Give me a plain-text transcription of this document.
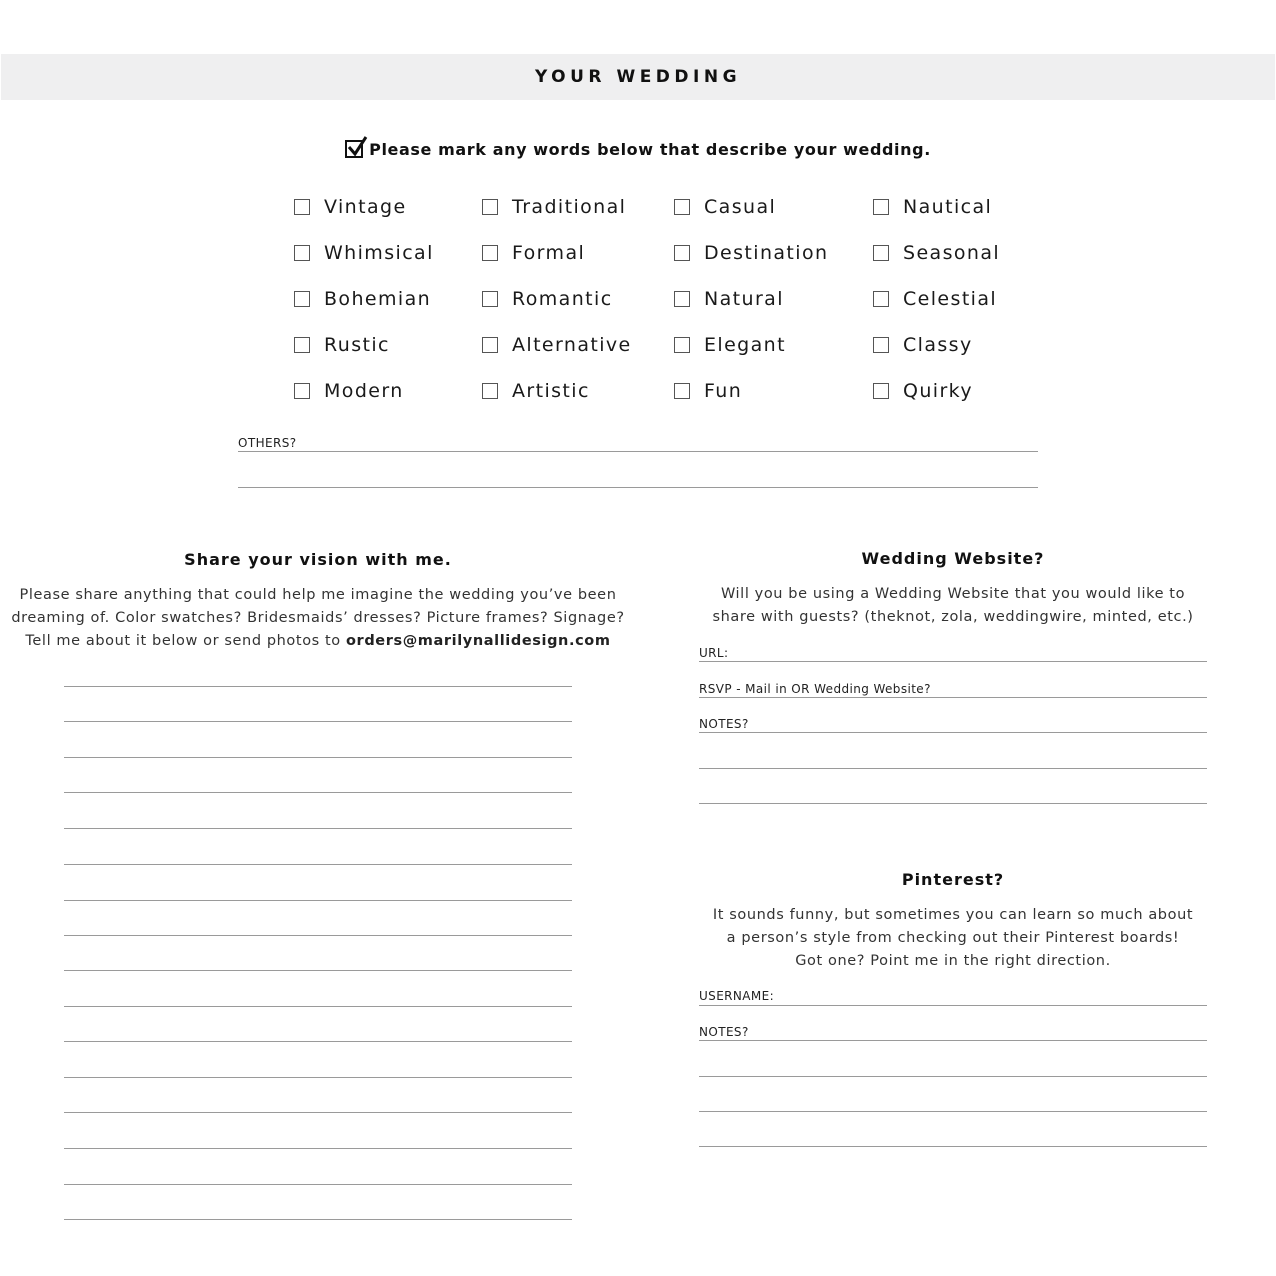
YOUR WEDDING
Please mark any words below that describe your wedding.
Vintage
Whimsical
Bohemian
Rustic
Modern
Traditional
Formal
Romantic
Alternative
Artistic
Casual
Destination
Natural
Elegant
Fun
Nautical
Seasonal
Celestial
Classy
Quirky
OTHERS?
Share your vision with me.
Please share anything that could help me imagine the wedding you’ve been
dreaming of. Color swatches? Bridesmaids’ dresses? Picture frames? Signage?
Tell me about it below or send photos to orders@marilynallidesign.com
Wedding Website?
Will you be using a Wedding Website that you would like to
share with guests? (theknot, zola, weddingwire, minted, etc.)
URL:
RSVP - Mail in OR Wedding Website?
NOTES?
Pinterest?
It sounds funny, but sometimes you can learn so much about
a person’s style from checking out their Pinterest boards!
Got one? Point me in the right direction.
USERNAME:
NOTES?
